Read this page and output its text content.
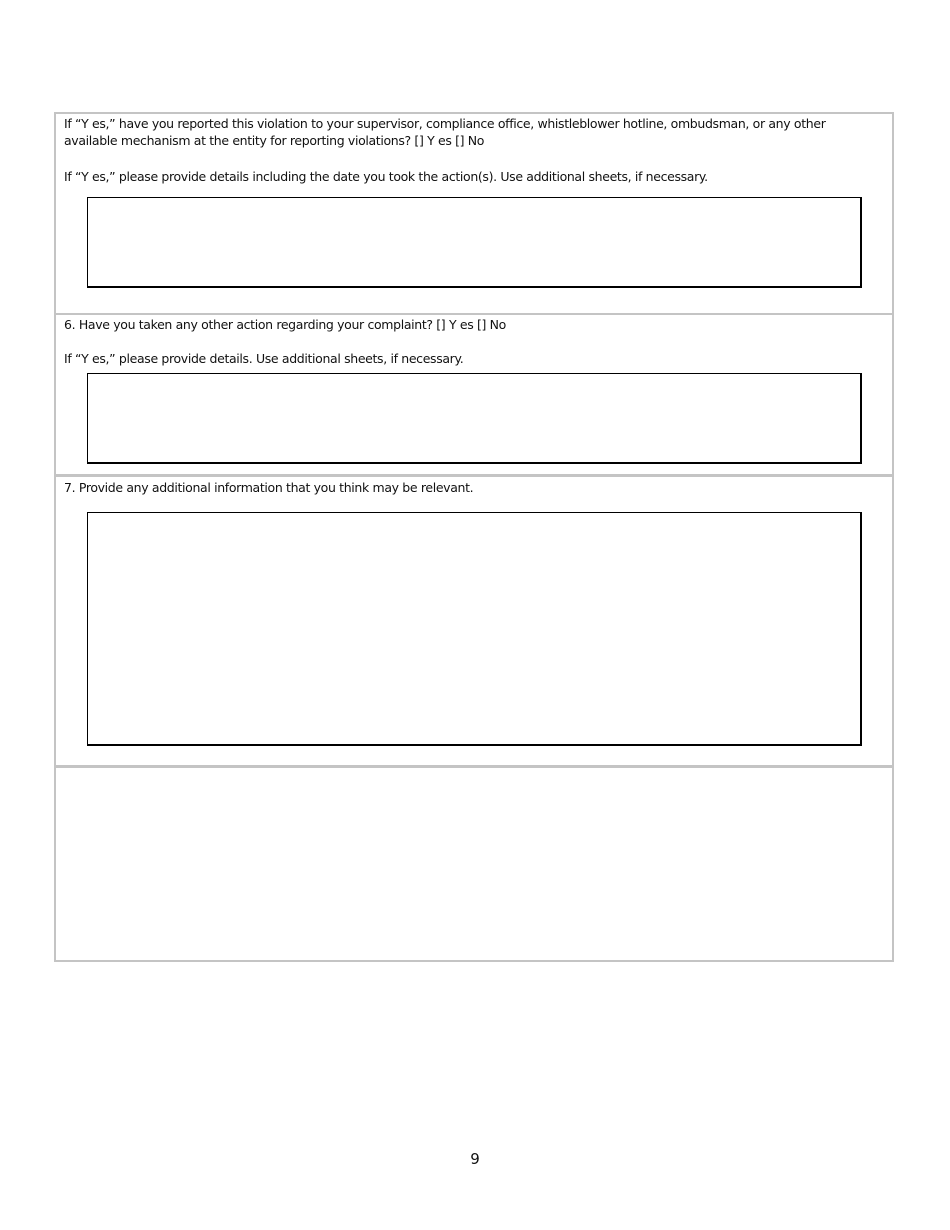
If “Y es,” have you reported this violation to your supervisor, compliance office, whistleblower hotline, ombudsman, or any other
available mechanism at the entity for reporting violations? [] Y es [] No
If “Y es,” please provide details including the date you took the action(s). Use additional sheets, if necessary.
6. Have you taken any other action regarding your complaint? [] Y es [] No
If “Y es,” please provide details. Use additional sheets, if necessary.
7. Provide any additional information that you think may be relevant.
9
